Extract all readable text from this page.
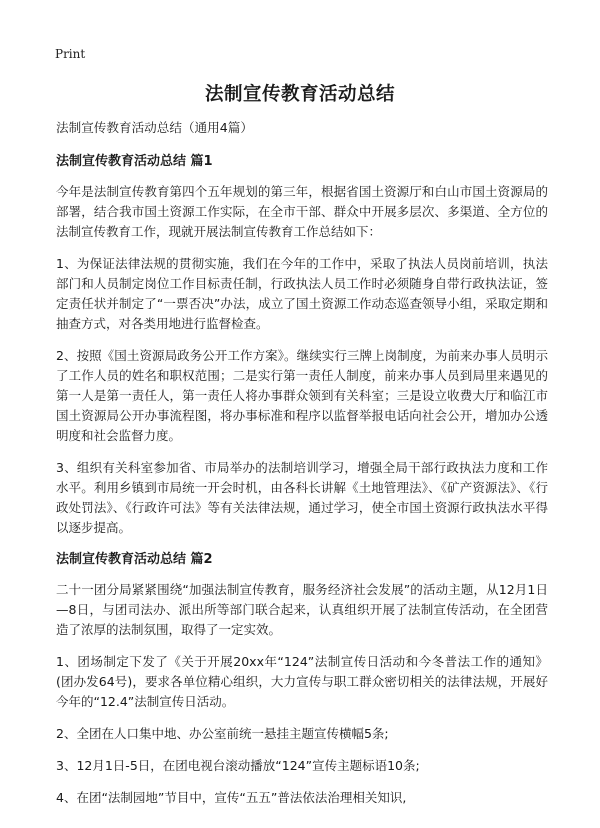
Print
法制宣传教育活动总结

法制宣传教育活动总结（通用4篇）

法制宣传教育活动总结 篇1

今年是法制宣传教育第四个五年规划的第三年，根据省国土资源厅和白山市国土资源局的部署，结合我市国土资源工作实际，在全市干部、群众中开展多层次、多渠道、全方位的法制宣传教育工作，现就开展法制宣传教育工作总结如下：

1、为保证法律法规的贯彻实施，我们在今年的工作中，采取了执法人员岗前培训，执法部门和人员制定岗位工作目标责任制，行政执法人员工作时必须随身自带行政执法证，签定责任状并制定了“一票否决”办法，成立了国土资源工作动态巡查领导小组，采取定期和抽查方式，对各类用地进行监督检查。

2、按照《国土资源局政务公开工作方案》。继续实行三牌上岗制度，为前来办事人员明示了工作人员的姓名和职权范围；二是实行第一责任人制度，前来办事人员到局里来遇见的第一人是第一责任人，第一责任人将办事群众领到有关科室；三是设立收费大厅和临江市国土资源局公开办事流程图，将办事标准和程序以监督举报电话向社会公开，增加办公透明度和社会监督力度。

3、组织有关科室参加省、市局举办的法制培训学习，增强全局干部行政执法力度和工作水平。利用乡镇到市局统一开会时机，由各科长讲解《土地管理法》、《矿产资源法》、《行政处罚法》、《行政许可法》等有关法律法规，通过学习，使全市国土资源行政执法水平得以逐步提高。

法制宣传教育活动总结 篇2

二十一团分局紧紧围绕“加强法制宣传教育，服务经济社会发展”的活动主题，从12月1日—8日，与团司法办、派出所等部门联合起来，认真组织开展了法制宣传活动，在全团营造了浓厚的法制氛围，取得了一定实效。

1、团场制定下发了《关于开展20xx年“124”法制宣传日活动和今冬普法工作的通知》(团办发64号)，要求各单位精心组织，大力宣传与职工群众密切相关的法律法规，开展好今年的“12.4”法制宣传日活动。

2、全团在人口集中地、办公室前统一悬挂主题宣传横幅5条;

3、12月1日-5日，在团电视台滚动播放“124”宣传主题标语10条;

4、在团“法制园地”节目中，宣传“五五”普法依法治理相关知识,
